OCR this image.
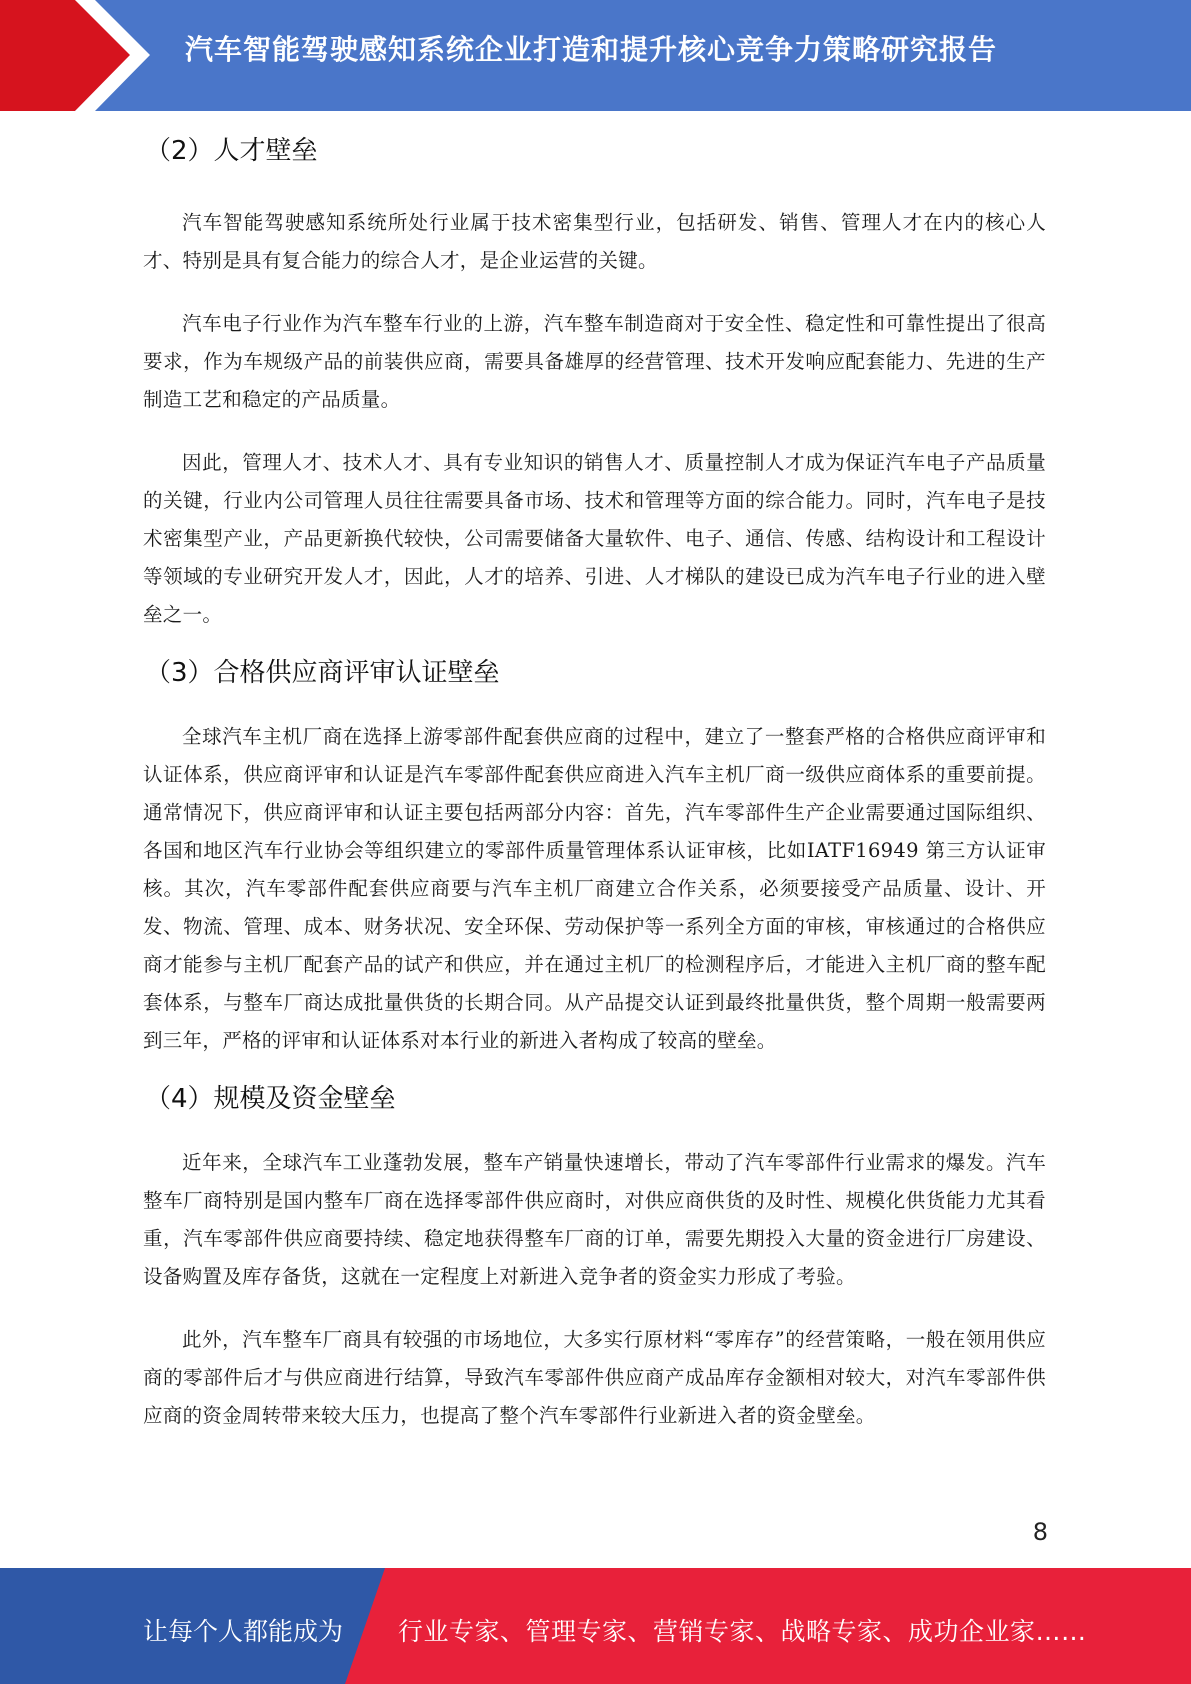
汽车智能驾驶感知系统企业打造和提升核心竞争力策略研究报告
（2）人才壁垒

汽车智能驾驶感知系统所处行业属于技术密集型行业，包括研发、销售、管理人才在内的核心人才、特别是具有复合能力的综合人才，是企业运营的关键。

汽车电子行业作为汽车整车行业的上游，汽车整车制造商对于安全性、稳定性和可靠性提出了很高要求，作为车规级产品的前装供应商，需要具备雄厚的经营管理、技术开发响应配套能力、先进的生产制造工艺和稳定的产品质量。

因此，管理人才、技术人才、具有专业知识的销售人才、质量控制人才成为保证汽车电子产品质量的关键，行业内公司管理人员往往需要具备市场、技术和管理等方面的综合能力。同时，汽车电子是技术密集型产业，产品更新换代较快，公司需要储备大量软件、电子、通信、传感、结构设计和工程设计等领域的专业研究开发人才，因此，人才的培养、引进、人才梯队的建设已成为汽车电子行业的进入壁垒之一。

（3）合格供应商评审认证壁垒

全球汽车主机厂商在选择上游零部件配套供应商的过程中，建立了一整套严格的合格供应商评审和认证体系，供应商评审和认证是汽车零部件配套供应商进入汽车主机厂商一级供应商体系的重要前提。通常情况下，供应商评审和认证主要包括两部分内容：首先，汽车零部件生产企业需要通过国际组织、各国和地区汽车行业协会等组织建立的零部件质量管理体系认证审核，比如IATF16949 第三方认证审核。其次，汽车零部件配套供应商要与汽车主机厂商建立合作关系，必须要接受产品质量、设计、开发、物流、管理、成本、财务状况、安全环保、劳动保护等一系列全方面的审核，审核通过的合格供应商才能参与主机厂配套产品的试产和供应，并在通过主机厂的检测程序后，才能进入主机厂商的整车配套体系，与整车厂商达成批量供货的长期合同。从产品提交认证到最终批量供货，整个周期一般需要两到三年，严格的评审和认证体系对本行业的新进入者构成了较高的壁垒。

（4）规模及资金壁垒

近年来，全球汽车工业蓬勃发展，整车产销量快速增长，带动了汽车零部件行业需求的爆发。汽车整车厂商特别是国内整车厂商在选择零部件供应商时，对供应商供货的及时性、规模化供货能力尤其看重，汽车零部件供应商要持续、稳定地获得整车厂商的订单，需要先期投入大量的资金进行厂房建设、设备购置及库存备货，这就在一定程度上对新进入竞争者的资金实力形成了考验。

此外，汽车整车厂商具有较强的市场地位，大多实行原材料“零库存”的经营策略，一般在领用供应商的零部件后才与供应商进行结算，导致汽车零部件供应商产成品库存金额相对较大，对汽车零部件供应商的资金周转带来较大压力，也提高了整个汽车零部件行业新进入者的资金壁垒。

8
让每个人都能成为 行业专家、管理专家、营销专家、战略专家、成功企业家……
